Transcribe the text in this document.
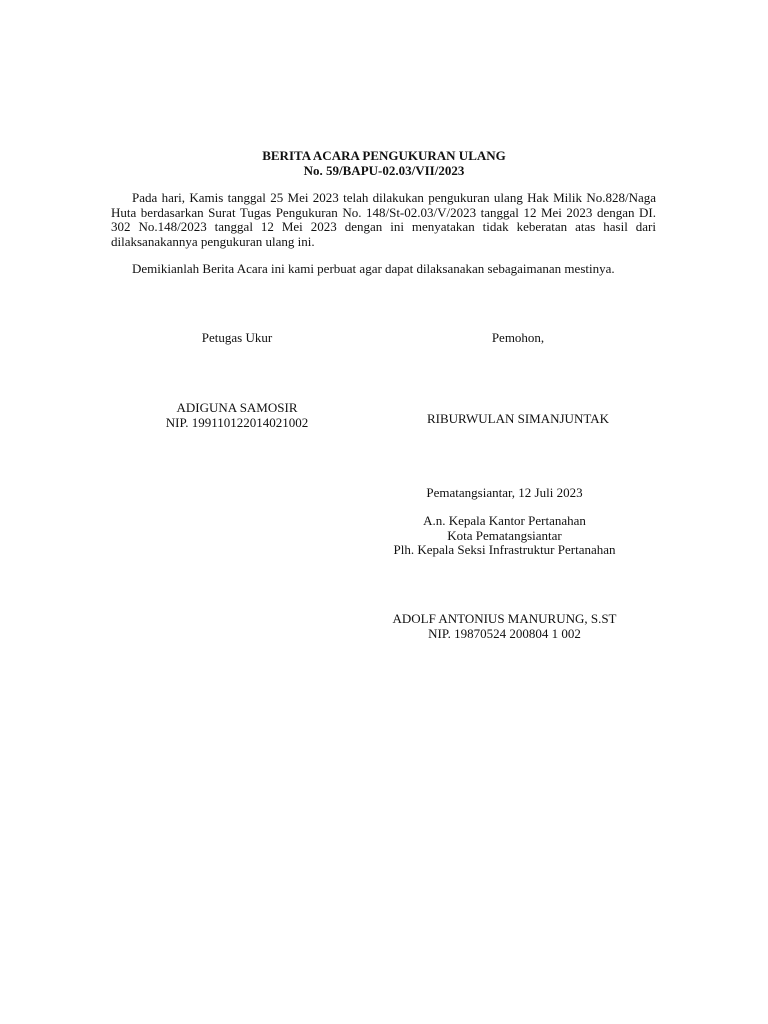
BERITA ACARA PENGUKURAN ULANG
No. 59/BAPU-02.03/VII/2023

Pada hari, Kamis tanggal 25 Mei 2023 telah dilakukan pengukuran ulang Hak Milik No.828/Naga Huta berdasarkan Surat Tugas Pengukuran No. 148/St-02.03/V/2023 tanggal 12 Mei 2023 dengan DI. 302 No.148/2023 tanggal 12 Mei 2023 dengan ini menyatakan tidak keberatan atas hasil dari dilaksanakannya pengukuran ulang ini.

Demikianlah Berita Acara ini kami perbuat agar dapat dilaksanakan sebagaimanan mestinya.

Petugas Ukur	Pemohon,
ADIGUNA SAMOSIR
NIP. 199110122014021002	RIBURWULAN SIMANJUNTAK
Pematangsiantar, 12 Juli 2023
A.n. Kepala Kantor Pertanahan
Kota Pematangsiantar
Plh. Kepala Seksi Infrastruktur Pertanahan
ADOLF ANTONIUS MANURUNG, S.ST
NIP. 19870524 200804 1 002
